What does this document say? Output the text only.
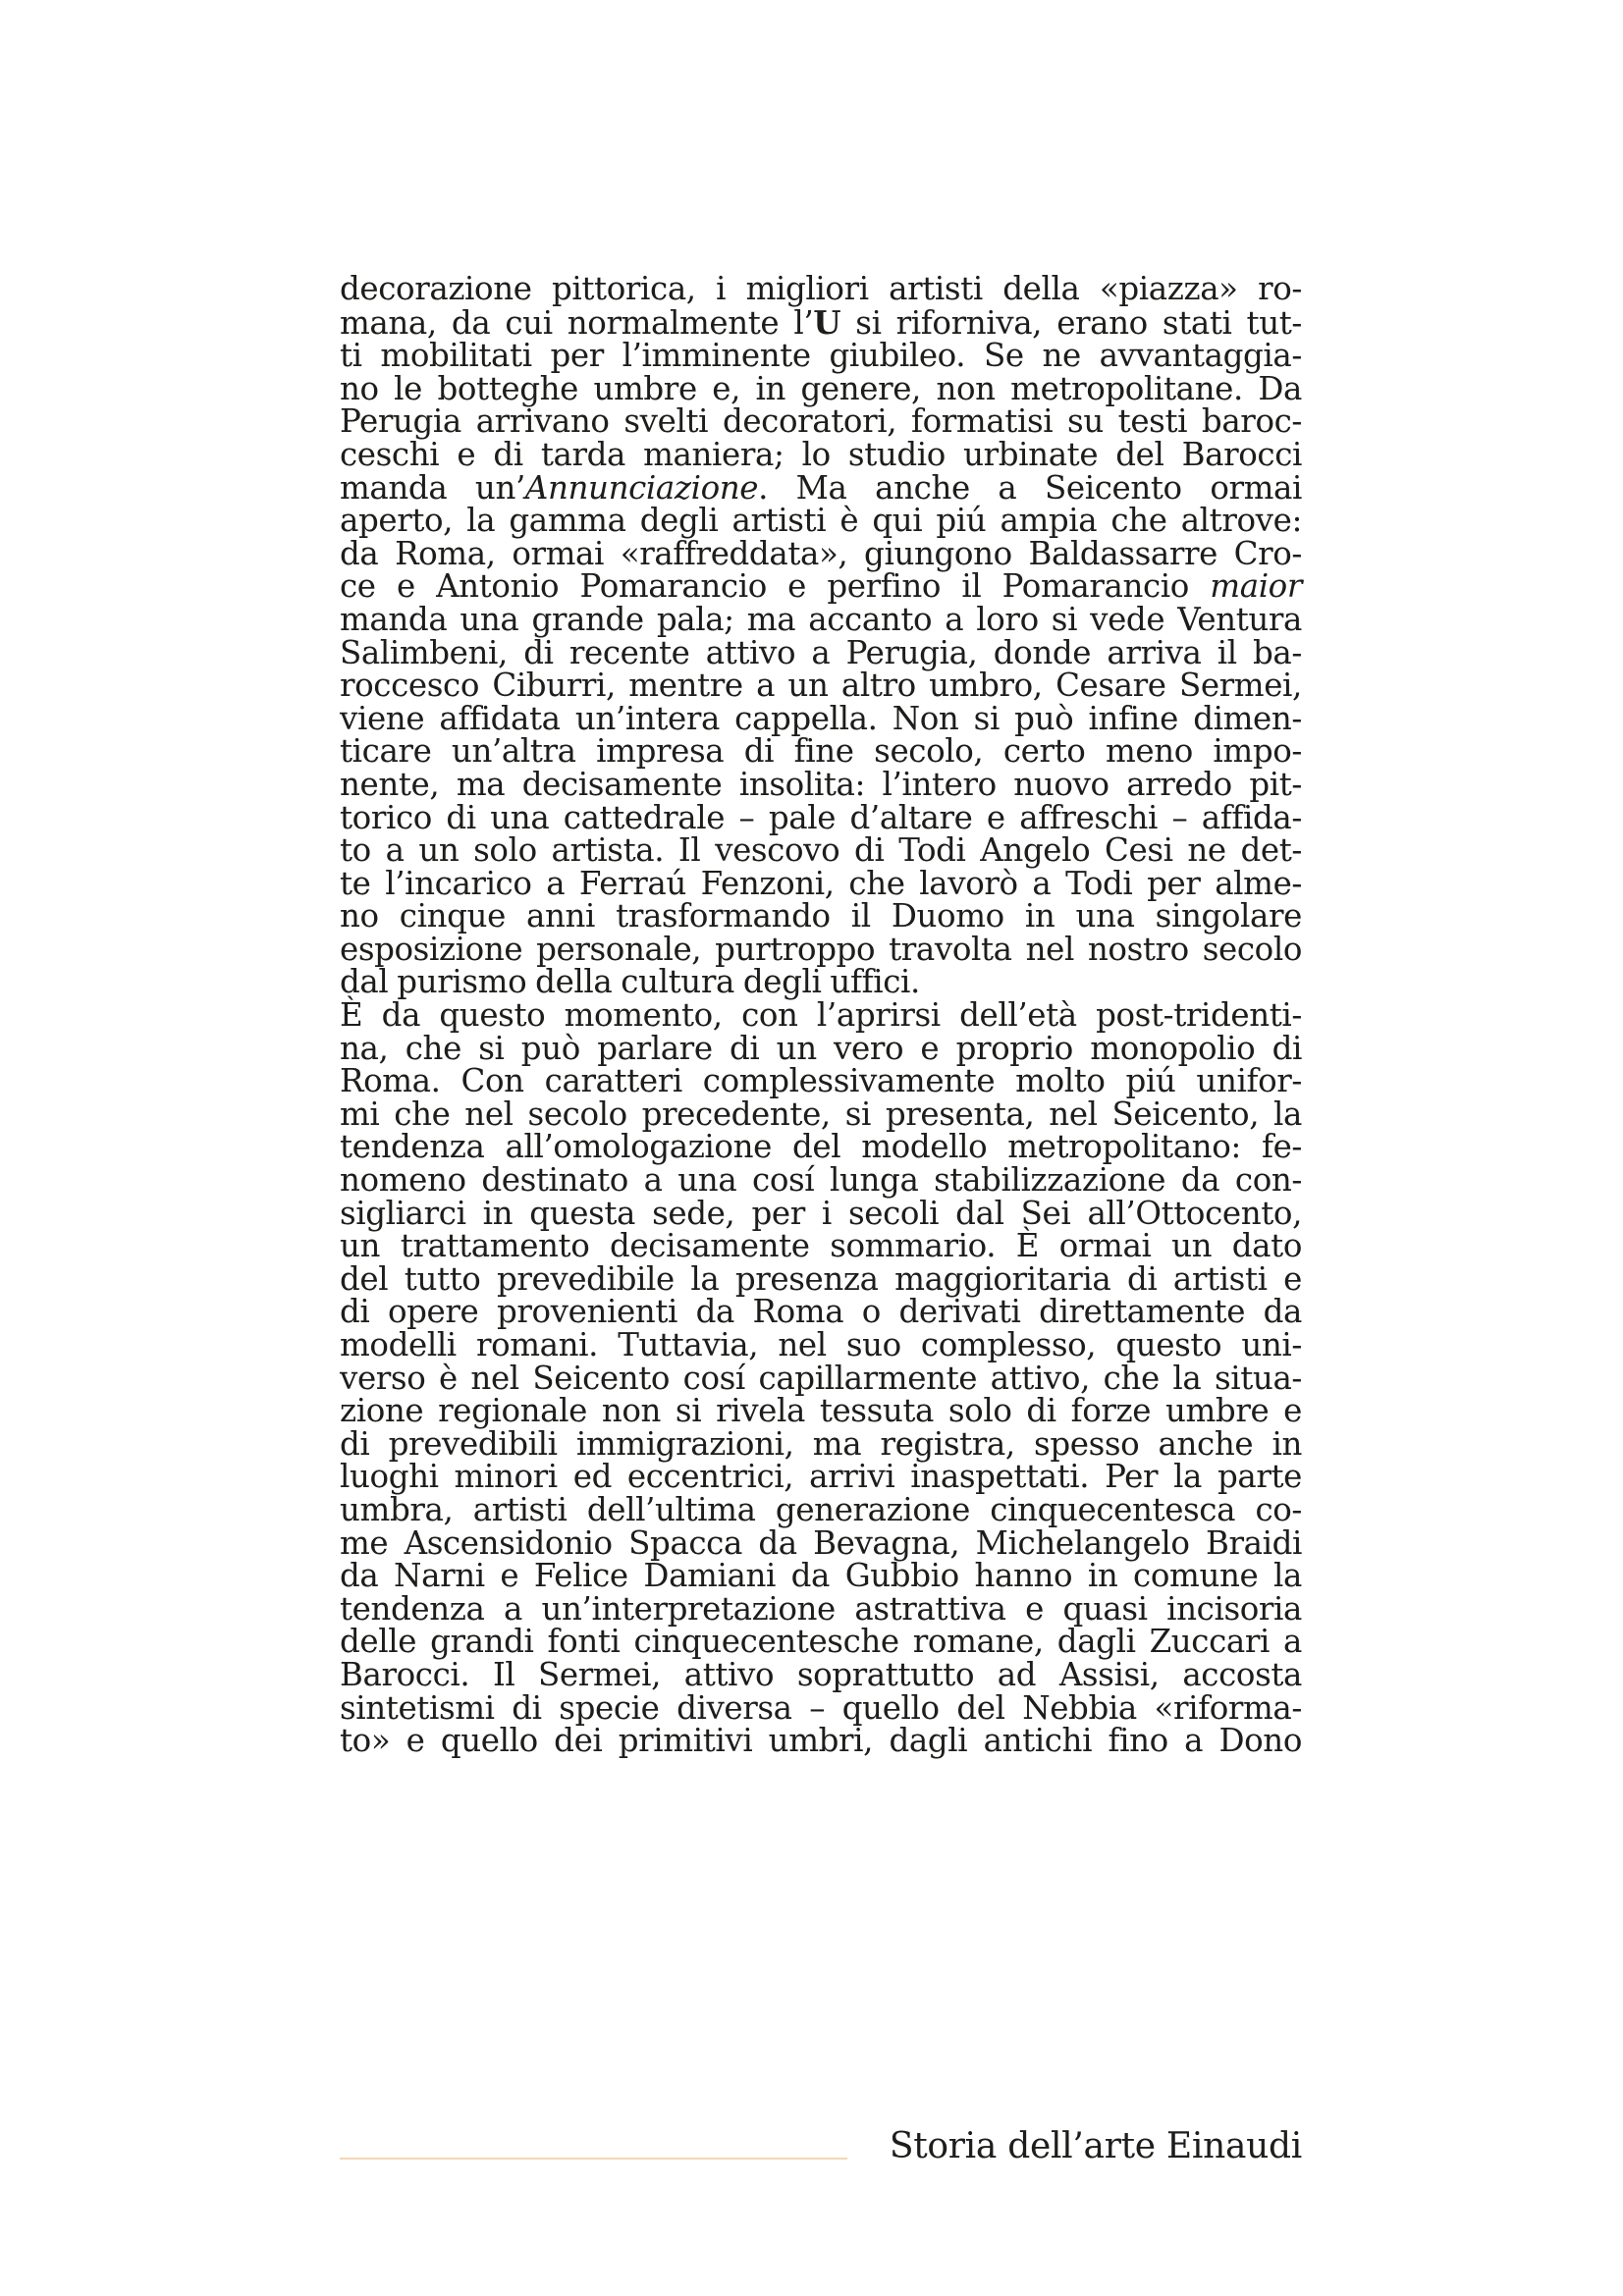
decorazione pittorica, i migliori artisti della «piazza» ro-
mana, da cui normalmente l’U si riforniva, erano stati tut-
ti mobilitati per l’imminente giubileo. Se ne avvantaggia-
no le botteghe umbre e, in genere, non metropolitane. Da
Perugia arrivano svelti decoratori, formatisi su testi baroc-
ceschi e di tarda maniera; lo studio urbinate del Barocci
manda un’Annunciazione. Ma anche a Seicento ormai
aperto, la gamma degli artisti è qui piú ampia che altrove:
da Roma, ormai «raffreddata», giungono Baldassarre Cro-
ce e Antonio Pomarancio e perfino il Pomarancio maior
manda una grande pala; ma accanto a loro si vede Ventura
Salimbeni, di recente attivo a Perugia, donde arriva il ba-
roccesco Ciburri, mentre a un altro umbro, Cesare Sermei,
viene affidata un’intera cappella. Non si può infine dimen-
ticare un’altra impresa di fine secolo, certo meno impo-
nente, ma decisamente insolita: l’intero nuovo arredo pit-
torico di una cattedrale – pale d’altare e affreschi – affida-
to a un solo artista. Il vescovo di Todi Angelo Cesi ne det-
te l’incarico a Ferraú Fenzoni, che lavorò a Todi per alme-
no cinque anni trasformando il Duomo in una singolare
esposizione personale, purtroppo travolta nel nostro secolo
dal purismo della cultura degli uffici.
È da questo momento, con l’aprirsi dell’età post-tridenti-
na, che si può parlare di un vero e proprio monopolio di
Roma. Con caratteri complessivamente molto piú unifor-
mi che nel secolo precedente, si presenta, nel Seicento, la
tendenza all’omologazione del modello metropolitano: fe-
nomeno destinato a una cosí lunga stabilizzazione da con-
sigliarci in questa sede, per i secoli dal Sei all’Ottocento,
un trattamento decisamente sommario. È ormai un dato
del tutto prevedibile la presenza maggioritaria di artisti e
di opere provenienti da Roma o derivati direttamente da
modelli romani. Tuttavia, nel suo complesso, questo uni-
verso è nel Seicento cosí capillarmente attivo, che la situa-
zione regionale non si rivela tessuta solo di forze umbre e
di prevedibili immigrazioni, ma registra, spesso anche in
luoghi minori ed eccentrici, arrivi inaspettati. Per la parte
umbra, artisti dell’ultima generazione cinquecentesca co-
me Ascensidonio Spacca da Bevagna, Michelangelo Braidi
da Narni e Felice Damiani da Gubbio hanno in comune la
tendenza a un’interpretazione astrattiva e quasi incisoria
delle grandi fonti cinquecentesche romane, dagli Zuccari a
Barocci. Il Sermei, attivo soprattutto ad Assisi, accosta
sintetismi di specie diversa – quello del Nebbia «riforma-
to» e quello dei primitivi umbri, dagli antichi fino a Dono
Storia dell’arte Einaudi
